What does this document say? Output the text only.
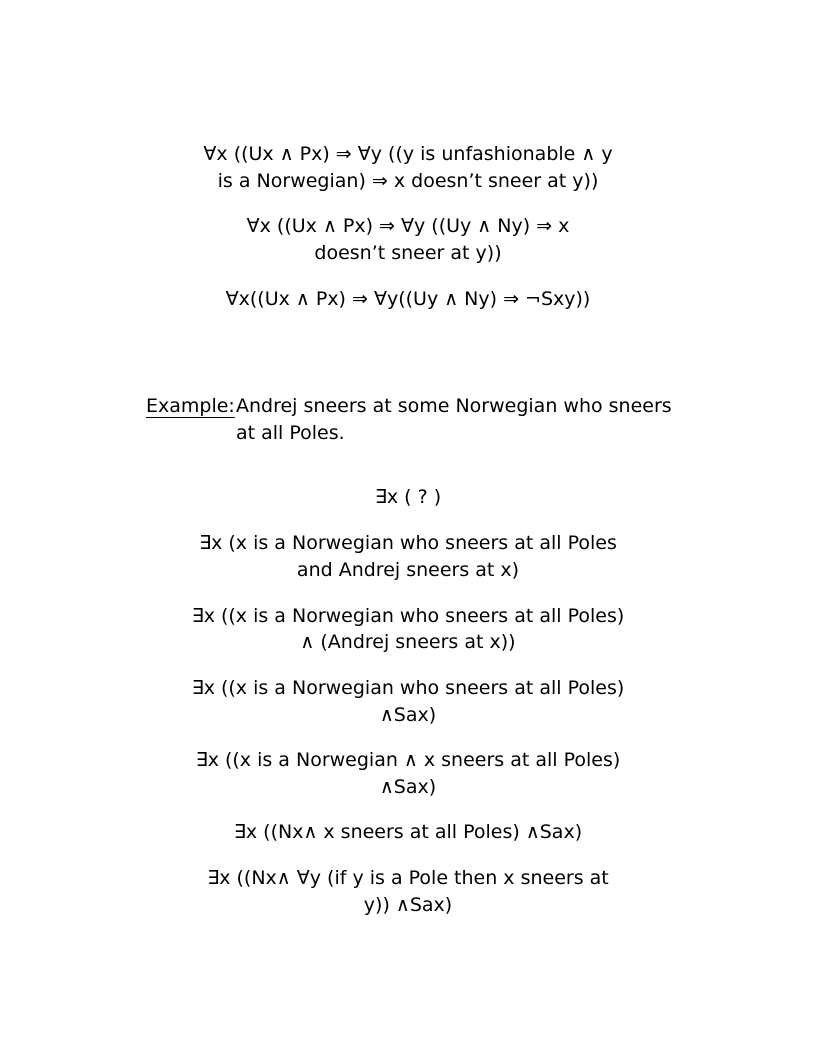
∀x ((Ux ∧ Px) ⇒ ∀y ((y is unfashionable ∧ y
is a Norwegian) ⇒ x doesn’t sneer at y))
∀x ((Ux ∧ Px) ⇒ ∀y ((Uy ∧ Ny) ⇒ x
doesn’t sneer at y))
∀x((Ux ∧ Px) ⇒ ∀y((Uy ∧ Ny) ⇒ ¬Sxy))
Example: Andrej sneers at some Norwegian who sneers at all Poles.
∃x ( ? )
∃x (x is a Norwegian who sneers at all Poles
and Andrej sneers at x)
∃x ((x is a Norwegian who sneers at all Poles)
∧ (Andrej sneers at x))
∃x ((x is a Norwegian who sneers at all Poles)
∧Sax)
∃x ((x is a Norwegian ∧ x sneers at all Poles)
∧Sax)
∃x ((Nx∧ x sneers at all Poles) ∧Sax)
∃x ((Nx∧ ∀y (if y is a Pole then x sneers at
y)) ∧Sax)
